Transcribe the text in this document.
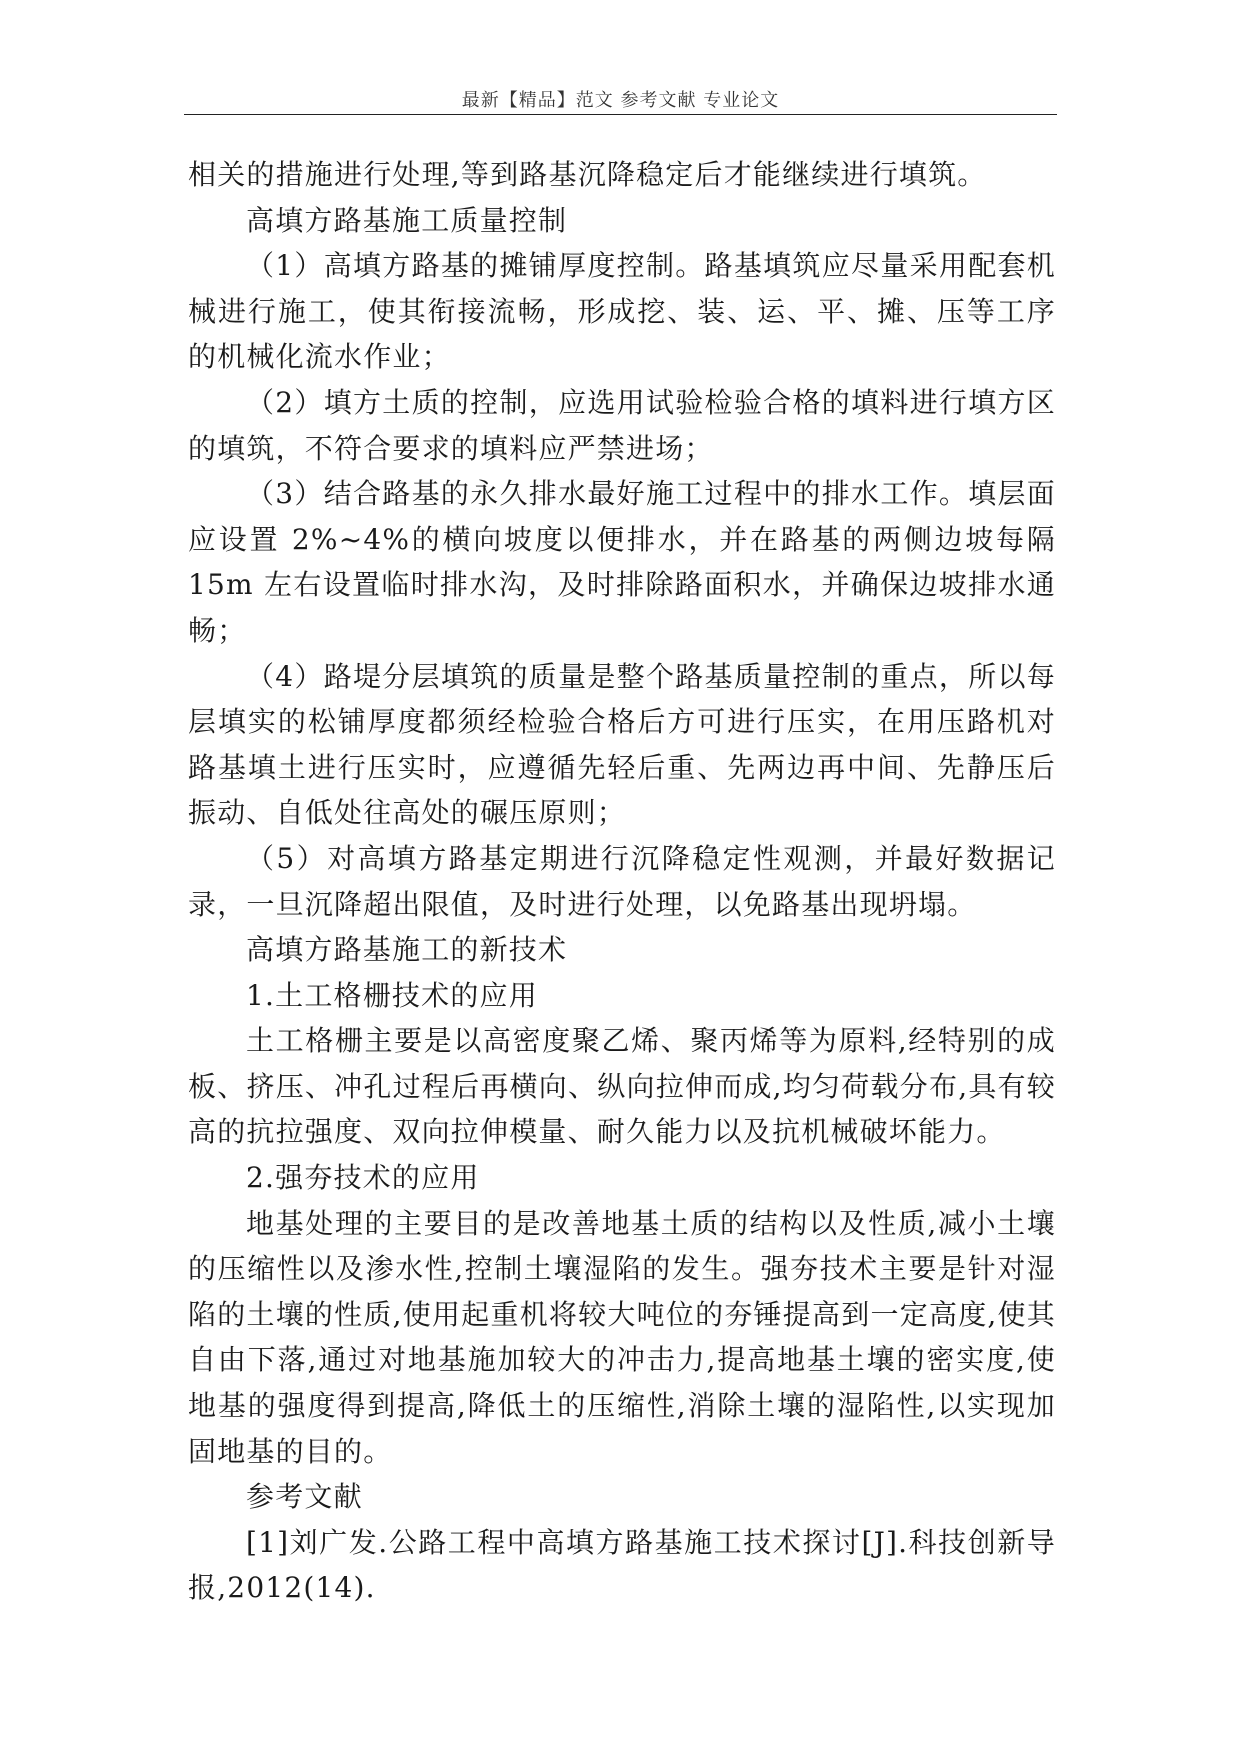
最新【精品】范文 参考文献 专业论文

相关的措施进行处理,等到路基沉降稳定后才能继续进行填筑。

高填方路基施工质量控制

（1）高填方路基的摊铺厚度控制。路基填筑应尽量采用配套机械进行施工，使其衔接流畅，形成挖、装、运、平、摊、压等工序的机械化流水作业；

（2）填方土质的控制，应选用试验检验合格的填料进行填方区的填筑，不符合要求的填料应严禁进场；

（3）结合路基的永久排水最好施工过程中的排水工作。填层面应设置 2%~4%的横向坡度以便排水，并在路基的两侧边坡每隔 15m 左右设置临时排水沟，及时排除路面积水，并确保边坡排水通畅；

（4）路堤分层填筑的质量是整个路基质量控制的重点，所以每层填实的松铺厚度都须经检验合格后方可进行压实，在用压路机对路基填土进行压实时，应遵循先轻后重、先两边再中间、先静压后振动、自低处往高处的碾压原则；

（5）对高填方路基定期进行沉降稳定性观测，并最好数据记录，一旦沉降超出限值，及时进行处理，以免路基出现坍塌。

高填方路基施工的新技术

1.土工格栅技术的应用

土工格栅主要是以高密度聚乙烯、聚丙烯等为原料,经特别的成板、挤压、冲孔过程后再横向、纵向拉伸而成,均匀荷载分布,具有较高的抗拉强度、双向拉伸模量、耐久能力以及抗机械破坏能力。

2.强夯技术的应用

地基处理的主要目的是改善地基土质的结构以及性质,减小土壤的压缩性以及渗水性,控制土壤湿陷的发生。强夯技术主要是针对湿陷的土壤的性质,使用起重机将较大吨位的夯锤提高到一定高度,使其自由下落,通过对地基施加较大的冲击力,提高地基土壤的密实度,使地基的强度得到提高,降低土的压缩性,消除土壤的湿陷性,以实现加固地基的目的。

参考文献

[1]刘广发.公路工程中高填方路基施工技术探讨[J].科技创新导报,2012(14).
